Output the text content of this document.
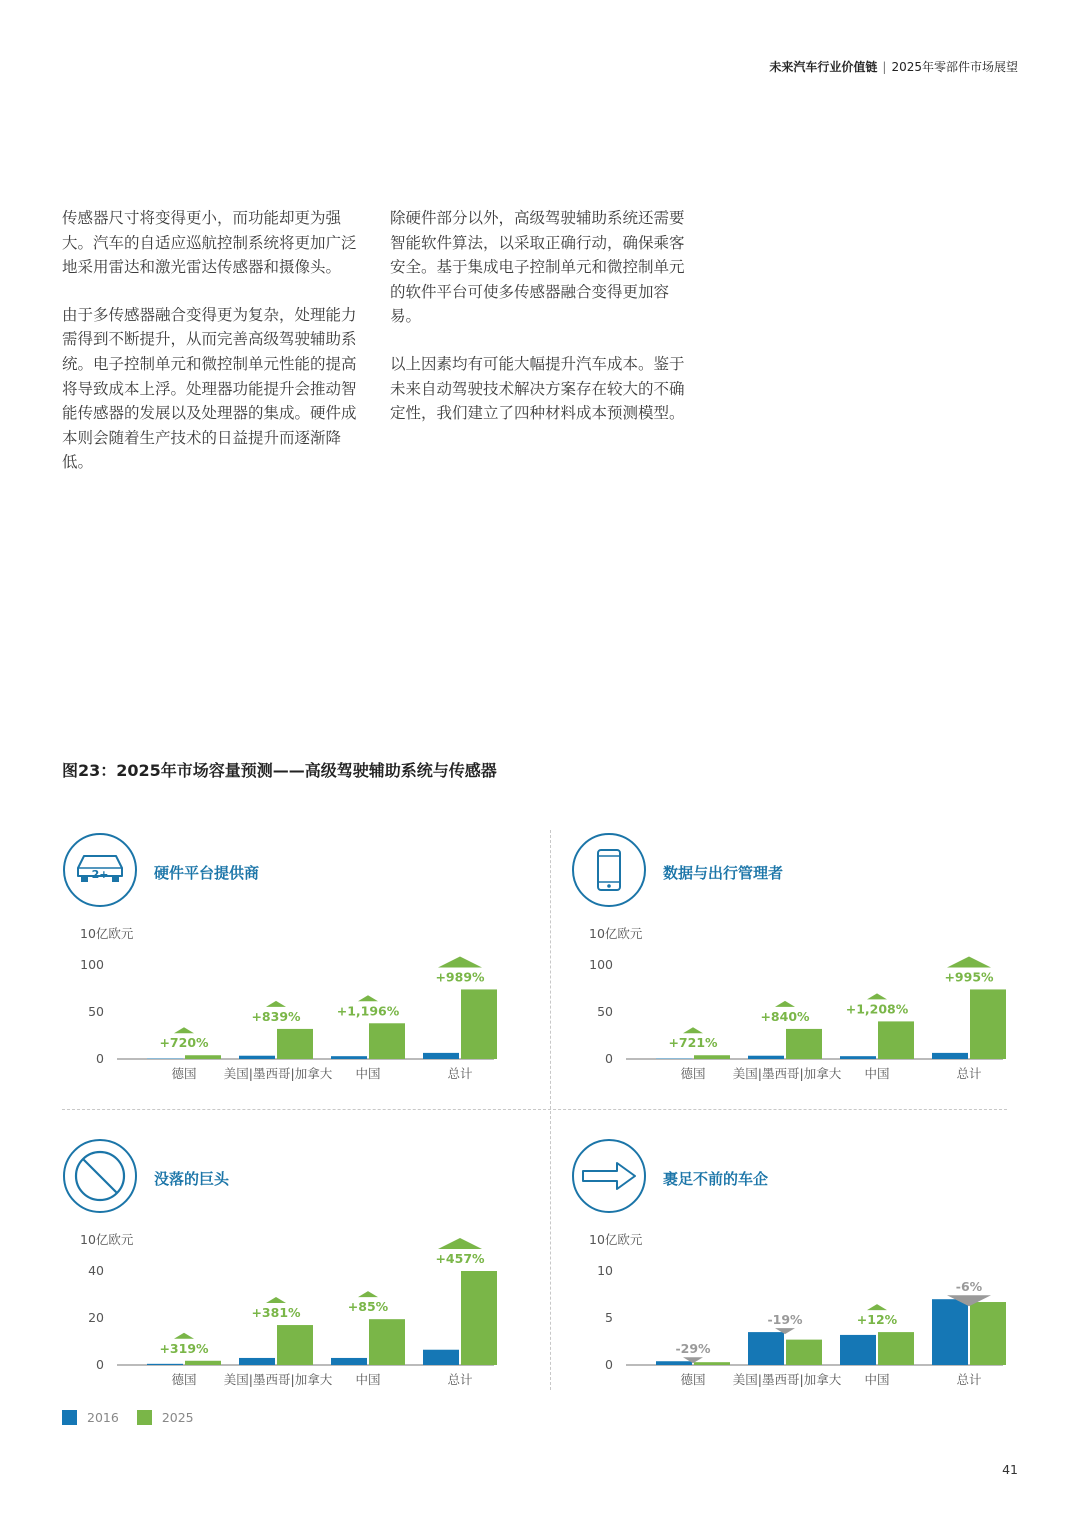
未来汽车行业价值链 | 2025年零部件市场展望

传感器尺寸将变得更小，而功能却更为强大。汽车的自适应巡航控制系统将更加广泛地采用雷达和激光雷达传感器和摄像头。

由于多传感器融合变得更为复杂，处理能力需得到不断提升，从而完善高级驾驶辅助系统。电子控制单元和微控制单元性能的提高将导致成本上浮。处理器功能提升会推动智能传感器的发展以及处理器的集成。硬件成本则会随着生产技术的日益提升而逐渐降低。

除硬件部分以外，高级驾驶辅助系统还需要智能软件算法，以采取正确行动，确保乘客安全。基于集成电子控制单元和微控制单元的软件平台可使多传感器融合变得更加容易。

以上因素均有可能大幅提升汽车成本。鉴于未来自动驾驶技术解决方案存在较大的不确定性，我们建立了四种材料成本预测模型。

图23：2025年市场容量预测——高级驾驶辅助系统与传感器
2+	硬件平台提供商
10亿欧元
0
50
100
+720%
德国
+839%
美国|墨西哥|加拿大
+1,196%
中国
+989%
总计
数据与出行管理者
10亿欧元
0
50
100
+721%
德国
+840%
美国|墨西哥|加拿大
+1,208%
中国
+995%
总计
没落的巨头
10亿欧元
0
20
40
+319%
德国
+381%
美国|墨西哥|加拿大
+85%
中国
+457%
总计
裹足不前的车企
10亿欧元
0
5
10
-29%
德国
-19%
美国|墨西哥|加拿大
+12%
中国
-6%
总计
2016	2025
41
